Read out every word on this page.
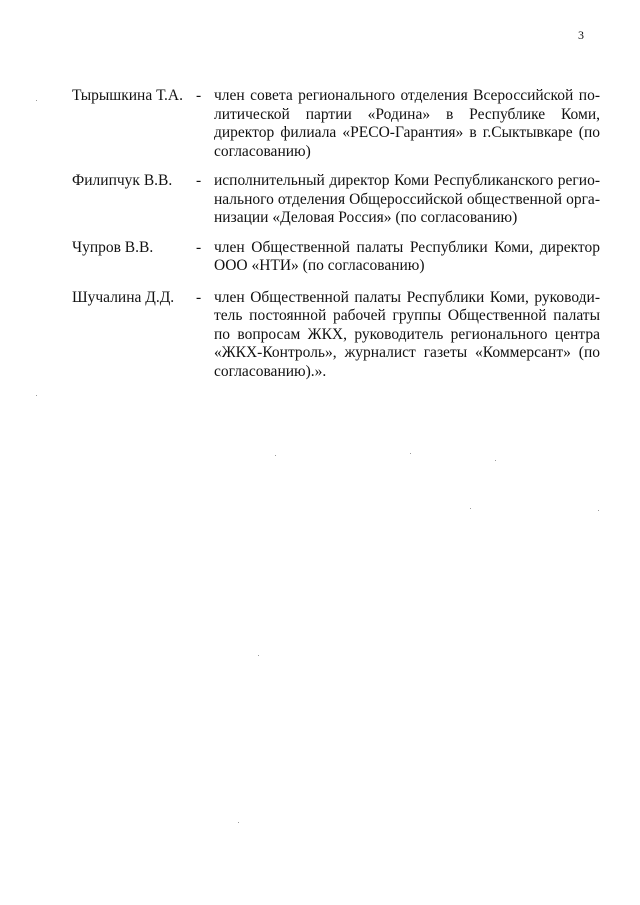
3
Тырышкина Т.А. - член совета регионального отделения Всероссийской политической партии «Родина» в Республике Коми, директор филиала «РЕСО-Гарантия» в г.Сыктывкаре (по согласованию)
Филипчук В.В.	- исполнительный директор Коми Республиканского регионального отделения Общероссийской общественной организации «Деловая Россия» (по согласованию)
Чупров В.В.	- член Общественной палаты Республики Коми, директор ООО «НТИ» (по согласованию)
Шучалина Д.Д.	- член Общественной палаты Республики Коми, руководитель постоянной рабочей группы Общественной палаты по вопросам ЖКХ, руководитель регионального центра «ЖКХ-Контроль», журналист газеты «Коммерсант» (по согласованию).».
